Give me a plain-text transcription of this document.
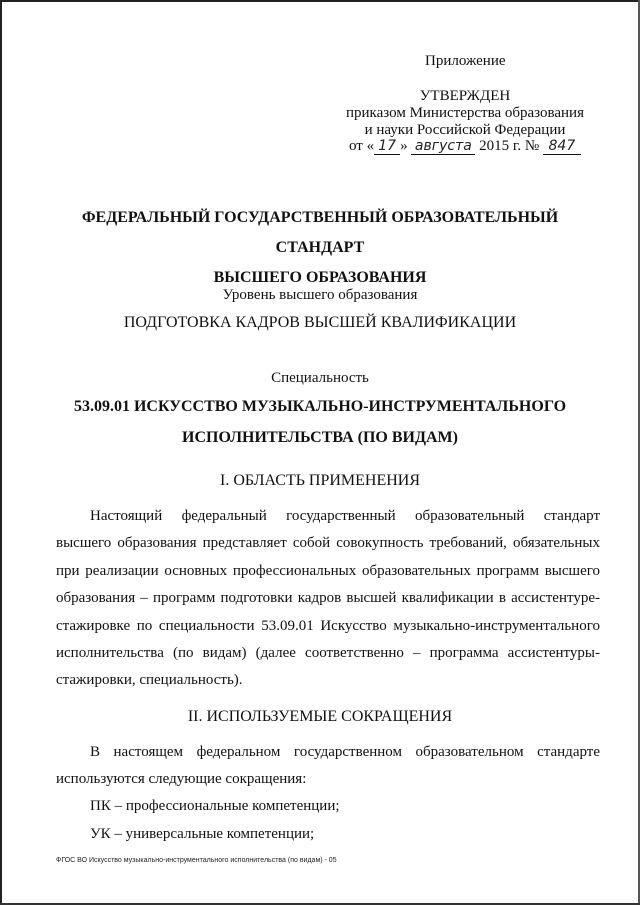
Приложение
УТВЕРЖДЕН
приказом Министерства образования
и науки Российской Федерации
от « 17 » августа 2015 г. № 847
ФЕДЕРАЛЬНЫЙ ГОСУДАРСТВЕННЫЙ ОБРАЗОВАТЕЛЬНЫЙ СТАНДАРТ
ВЫСШЕГО ОБРАЗОВАНИЯ
Уровень высшего образования
ПОДГОТОВКА КАДРОВ ВЫСШЕЙ КВАЛИФИКАЦИИ
Специальность
53.09.01 ИСКУССТВО МУЗЫКАЛЬНО-ИНСТРУМЕНТАЛЬНОГО
ИСПОЛНИТЕЛЬСТВА (ПО ВИДАМ)
I. ОБЛАСТЬ ПРИМЕНЕНИЯ
Настоящий федеральный государственный образовательный стандарт
высшего образования представляет собой совокупность требований, обязательных
при реализации основных профессиональных образовательных программ высшего
образования – программ подготовки кадров высшей квалификации в ассистентуре-
стажировке по специальности 53.09.01 Искусство музыкально-инструментального
исполнительства (по видам) (далее соответственно – программа ассистентуры-
стажировки, специальность).
II. ИСПОЛЬЗУЕМЫЕ СОКРАЩЕНИЯ
В настоящем федеральном государственном образовательном стандарте
используются следующие сокращения:
ПК – профессиональные компетенции;
УК – универсальные компетенции;
ФГОС ВО Искусство музыкально-инструментального исполнительства (по видам) - 05
